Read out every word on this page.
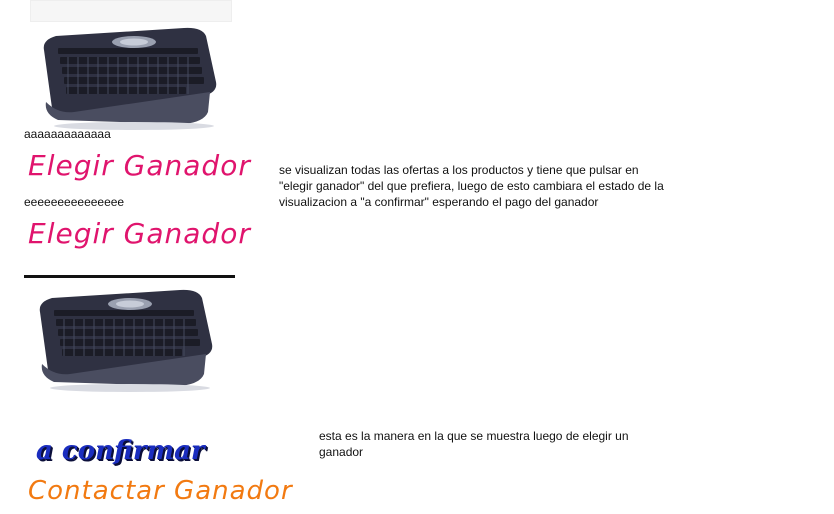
aaaaaaaaaaaaa
Elegir Ganador
eeeeeeeeeeeeeee
Elegir Ganador
se visualizan todas las ofertas a los productos y tiene que pulsar en "elegir ganador" del que prefiera, luego de esto cambiara el estado de la visualizacion a "a confirmar" esperando el pago del ganador
a confirmar
Contactar Ganador
esta es la manera en la que se muestra luego de elegir un ganador
